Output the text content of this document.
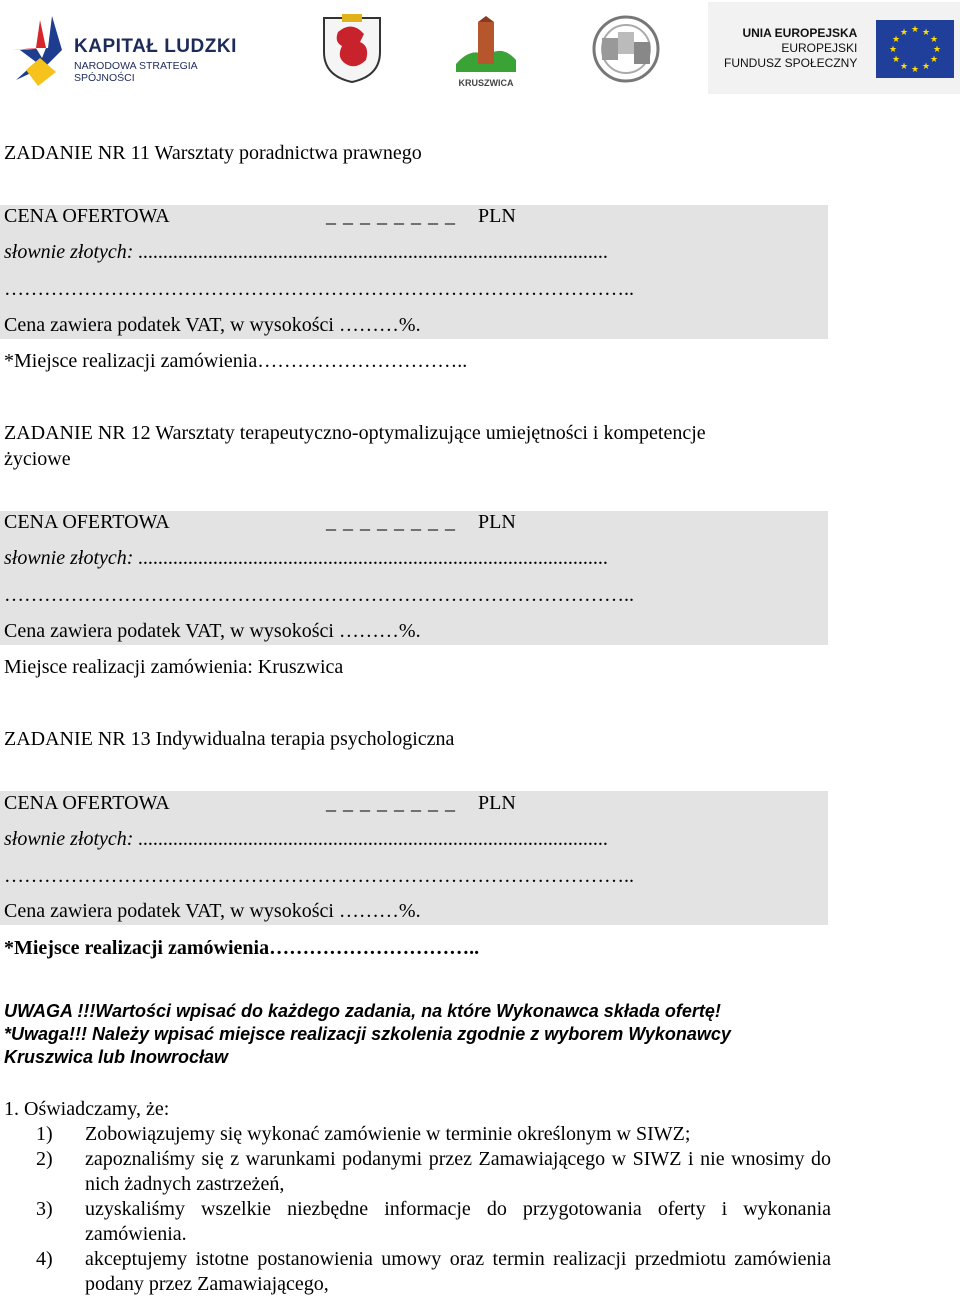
KAPITAŁ LUDZKI
NARODOWA STRATEGIA SPÓJNOŚCI	KRUSZWICA
UNIA EUROPEJSKA
EUROPEJSKI
FUNDUSZ SPOŁECZNY
★ ★
★
★
★
★
★
★
★
★
★
★
ZADANIE NR 11 Warsztaty poradnictwa prawnego
CENA OFERTOWA	_ _ _ _ _ _ _ _ PLN
słownie złotych: ..............................................................................................
…………………………………………………………………………………..
Cena zawiera podatek VAT, w wysokości ………%.
*Miejsce realizacji zamówienia…………………………..
ZADANIE NR 12 Warsztaty terapeutyczno-optymalizujące umiejętności i kompetencje
życiowe
CENA OFERTOWA	_ _ _ _ _ _ _ _ PLN
słownie złotych: ..............................................................................................
…………………………………………………………………………………..
Cena zawiera podatek VAT, w wysokości ………%.
Miejsce realizacji zamówienia: Kruszwica
ZADANIE NR 13 Indywidualna terapia psychologiczna
CENA OFERTOWA	_ _ _ _ _ _ _ _ PLN
słownie złotych: ..............................................................................................
…………………………………………………………………………………..
Cena zawiera podatek VAT, w wysokości ………%.
*Miejsce realizacji zamówienia…………………………..
UWAGA !!!Wartości wpisać do każdego zadania, na które Wykonawca składa ofertę!
*Uwaga!!! Należy wpisać miejsce realizacji szkolenia zgodnie z wyborem Wykonawcy
Kruszwica lub Inowrocław
1. Oświadczamy, że:
1)	Zobowiązujemy się wykonać zamówienie w terminie określonym w SIWZ;
2)	zapoznaliśmy się z warunkami podanymi przez Zamawiającego w SIWZ i nie wnosimy do nich żadnych zastrzeżeń,
3)	uzyskaliśmy wszelkie niezbędne informacje do przygotowania oferty i wykonania zamówienia.
4)	akceptujemy istotne postanowienia umowy oraz termin realizacji przedmiotu zamówienia podany przez Zamawiającego,
